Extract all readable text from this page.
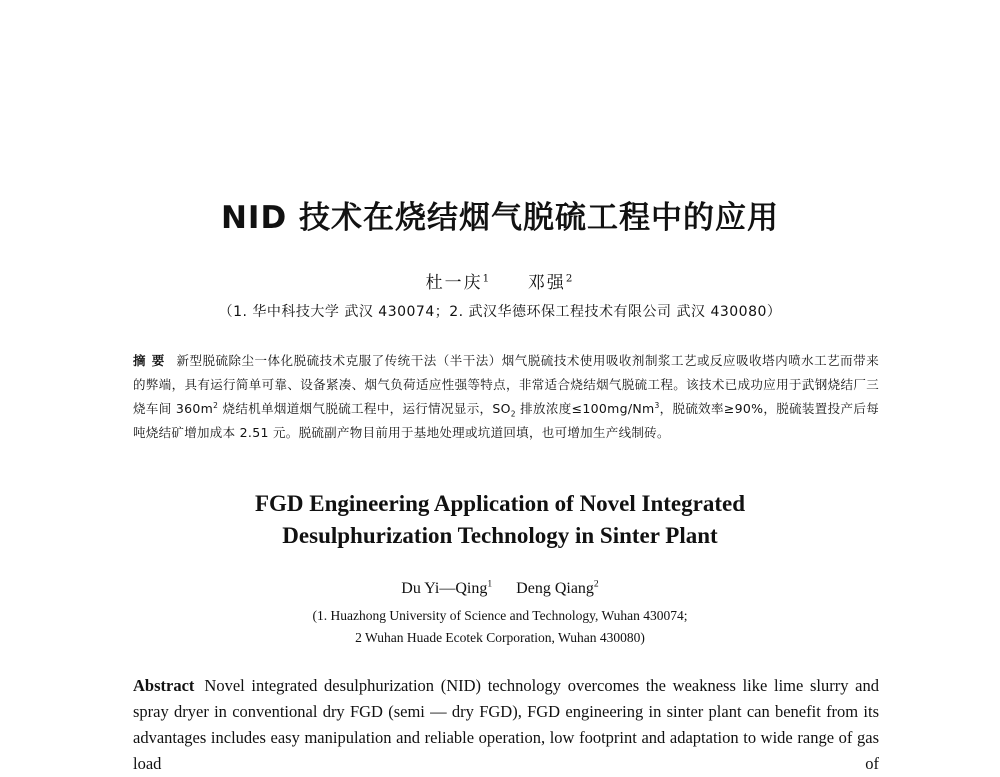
NID 技术在烧结烟气脱硫工程中的应用
杜一庆$^1$ 邓强$^2$
（1. 华中科技大学 武汉 430074；2. 武汉华德环保工程技术有限公司 武汉 430080）
摘要 新型脱硫除尘一体化脱硫技术克服了传统干法（半干法）烟气脱硫技术使用吸收剂制浆工艺或反应吸收塔内喷水工艺而带来的弊端，具有运行简单可靠、设备紧凑、烟气负荷适应性强等特点，非常适合烧结烟气脱硫工程。该技术已成功应用于武钢烧结厂三烧车间 $360m^2$ 烧结机单烟道烟气脱硫工程中，运行情况显示，$SO_2$ 排放浓度$\le 100mg/Nm^3$，脱硫效率≥90%，脱硫装置投产后每吨烧结矿增加成本 2.51 元。脱硫副产物目前用于基地处理或坑道回填，也可增加生产线制砖。
FGD Engineering Application of Novel Integrated
Desulphurization Technology in Sinter Plant
Du Yi—Qing$^1$ Deng Qiang$^2$
(1. Huazhong University of Science and Technology, Wuhan 430074;
2 Wuhan Huade Ecotek Corporation, Wuhan 430080)
Abstract Novel integrated desulphurization (NID) technology overcomes the weakness like lime slurry and spray dryer in conventional dry FGD (semi — dry FGD), FGD engineering in sinter plant can benefit from its advantages includes easy manipulation and reliable operation, low footprint and adaptation to wide range of gas load of
